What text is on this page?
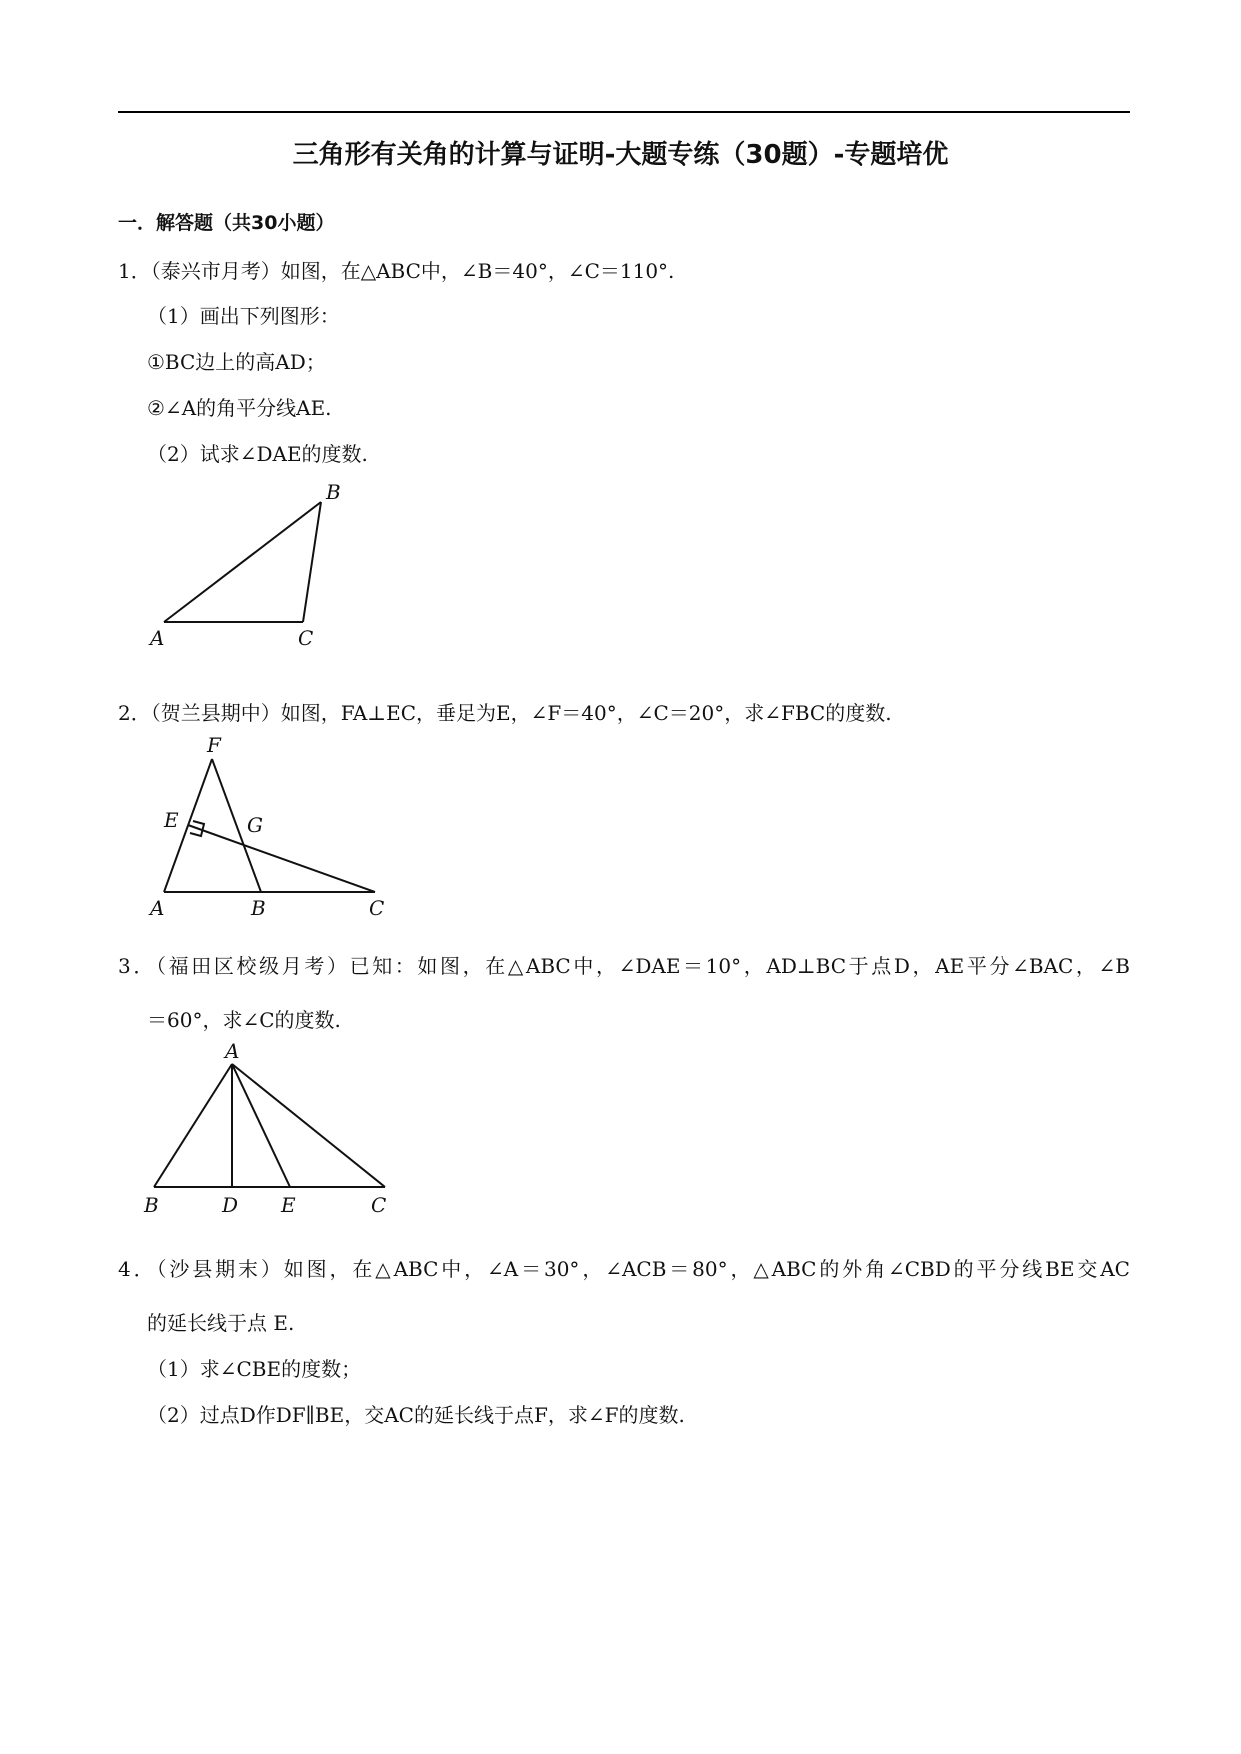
三角形有关角的计算与证明-大题专练（30题）-专题培优
一．解答题（共30小题）
1．（泰兴市月考）如图，在△ABC中，∠B＝40°，∠C＝110°.
（1）画出下列图形：
①BC边上的高AD；
②∠A的角平分线AE.
（2）试求∠DAE的度数.
A
B
C
2．（贺兰县期中）如图，FA⊥EC，垂足为E，∠F＝40°，∠C＝20°，求∠FBC的度数.
F
E	G
A	B	C
3．（福田区校级月考）已知：如图，在△ABC中，∠DAE＝10°，AD⊥BC于点D，AE平分∠BAC，∠B
＝60°，求∠C的度数.
A
B	D E	C
4．（沙县期末）如图，在△ABC中，∠A＝30°，∠ACB＝80°，△ABC的外角∠CBD的平分线BE交AC
的延长线于点 E.
（1）求∠CBE的度数；
（2）过点D作DF∥BE，交AC的延长线于点F，求∠F的度数.
